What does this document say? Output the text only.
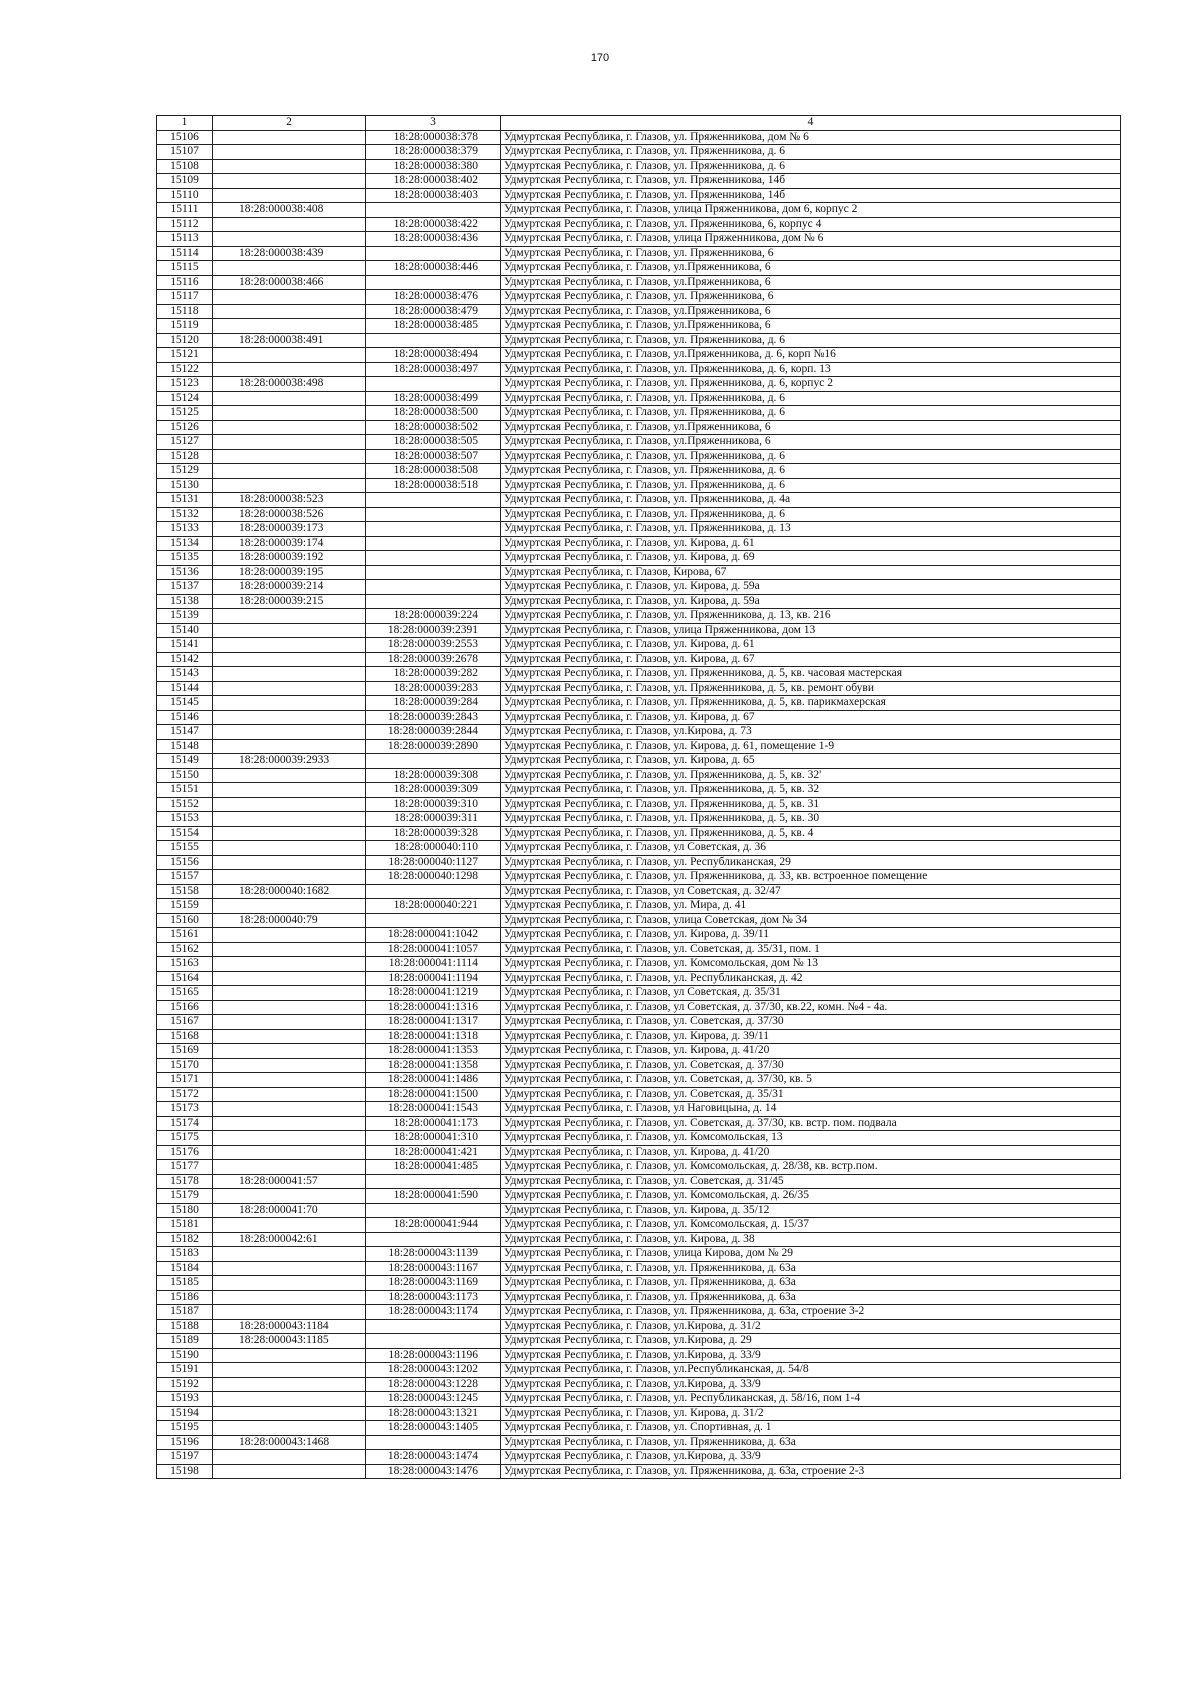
170
1	2	3	4
15106		18:28:000038:378	Удмуртская Республика, г. Глазов, ул. Пряженникова, дом № 6
15107		18:28:000038:379	Удмуртская Республика, г. Глазов, ул. Пряженникова, д. 6
15108		18:28:000038:380	Удмуртская Республика, г. Глазов, ул. Пряженникова, д. 6
15109		18:28:000038:402	Удмуртская Республика, г. Глазов, ул. Пряженникова, 14б
15110		18:28:000038:403	Удмуртская Республика, г. Глазов, ул. Пряженникова, 14б
15111	18:28:000038:408		Удмуртская Республика, г. Глазов, улица Пряженникова, дом 6, корпус 2
15112		18:28:000038:422	Удмуртская Республика, г. Глазов, ул. Пряженникова, 6, корпус 4
15113		18:28:000038:436	Удмуртская Республика, г. Глазов, улица Пряженникова, дом № 6
15114	18:28:000038:439		Удмуртская Республика, г. Глазов, ул. Пряженникова, 6
15115		18:28:000038:446	Удмуртская Республика, г. Глазов, ул.Пряженникова, 6
15116	18:28:000038:466		Удмуртская Республика, г. Глазов, ул.Пряженникова, 6
15117		18:28:000038:476	Удмуртская Республика, г. Глазов, ул. Пряженникова, 6
15118		18:28:000038:479	Удмуртская Республика, г. Глазов, ул.Пряженникова, 6
15119		18:28:000038:485	Удмуртская Республика, г. Глазов, ул.Пряженникова, 6
15120	18:28:000038:491		Удмуртская Республика, г. Глазов, ул. Пряженникова, д. 6
15121		18:28:000038:494	Удмуртская Республика, г. Глазов, ул.Пряженникова, д. 6, корп №16
15122		18:28:000038:497	Удмуртская Республика, г. Глазов, ул. Пряженникова, д. 6, корп. 13
15123	18:28:000038:498		Удмуртская Республика, г. Глазов, ул. Пряженникова, д. 6, корпус 2
15124		18:28:000038:499	Удмуртская Республика, г. Глазов, ул. Пряженникова, д. 6
15125		18:28:000038:500	Удмуртская Республика, г. Глазов, ул. Пряженникова, д. 6
15126		18:28:000038:502	Удмуртская Республика, г. Глазов, ул.Пряженникова, 6
15127		18:28:000038:505	Удмуртская Республика, г. Глазов, ул.Пряженникова, 6
15128		18:28:000038:507	Удмуртская Республика, г. Глазов, ул. Пряженникова, д. 6
15129		18:28:000038:508	Удмуртская Республика, г. Глазов, ул. Пряженникова, д. 6
15130		18:28:000038:518	Удмуртская Республика, г. Глазов, ул. Пряженникова, д. 6
15131	18:28:000038:523		Удмуртская Республика, г. Глазов, ул. Пряженникова, д. 4а
15132	18:28:000038:526		Удмуртская Республика, г. Глазов, ул. Пряженникова, д. 6
15133	18:28:000039:173		Удмуртская Республика, г. Глазов, ул. Пряженникова, д. 13
15134	18:28:000039:174		Удмуртская Республика, г. Глазов, ул. Кирова, д. 61
15135	18:28:000039:192		Удмуртская Республика, г. Глазов, ул. Кирова, д. 69
15136	18:28:000039:195		Удмуртская Республика, г. Глазов, Кирова, 67
15137	18:28:000039:214		Удмуртская Республика, г. Глазов, ул. Кирова, д. 59а
15138	18:28:000039:215		Удмуртская Республика, г. Глазов, ул. Кирова, д. 59а
15139		18:28:000039:224	Удмуртская Республика, г. Глазов, ул. Пряженникова, д. 13, кв. 216
15140		18:28:000039:2391	Удмуртская Республика, г. Глазов, улица Пряженникова, дом 13
15141		18:28:000039:2553	Удмуртская Республика, г. Глазов, ул. Кирова, д. 61
15142		18:28:000039:2678	Удмуртская Республика, г. Глазов, ул. Кирова, д. 67
15143		18:28:000039:282	Удмуртская Республика, г. Глазов, ул. Пряженникова, д. 5, кв. часовая мастерская
15144		18:28:000039:283	Удмуртская Республика, г. Глазов, ул. Пряженникова, д. 5, кв. ремонт обуви
15145		18:28:000039:284	Удмуртская Республика, г. Глазов, ул. Пряженникова, д. 5, кв. парикмахерская
15146		18:28:000039:2843	Удмуртская Республика, г. Глазов, ул. Кирова, д. 67
15147		18:28:000039:2844	Удмуртская Республика, г. Глазов, ул.Кирова, д. 73
15148		18:28:000039:2890	Удмуртская Республика, г. Глазов, ул. Кирова, д. 61, помещение 1-9
15149	18:28:000039:2933		Удмуртская Республика, г. Глазов, ул. Кирова, д. 65
15150		18:28:000039:308	Удмуртская Республика, г. Глазов, ул. Пряженникова, д. 5, кв. 32'
15151		18:28:000039:309	Удмуртская Республика, г. Глазов, ул. Пряженникова, д. 5, кв. 32
15152		18:28:000039:310	Удмуртская Республика, г. Глазов, ул. Пряженникова, д. 5, кв. 31
15153		18:28:000039:311	Удмуртская Республика, г. Глазов, ул. Пряженникова, д. 5, кв. 30
15154		18:28:000039:328	Удмуртская Республика, г. Глазов, ул. Пряженникова, д. 5, кв. 4
15155		18:28:000040:110	Удмуртская Республика, г. Глазов, ул Советская, д. 36
15156		18:28:000040:1127	Удмуртская Республика, г. Глазов, ул. Республиканская, 29
15157		18:28:000040:1298	Удмуртская Республика, г. Глазов, ул. Пряженникова, д. 33, кв. встроенное помещение
15158	18:28:000040:1682		Удмуртская Республика, г. Глазов, ул Советская, д. 32/47
15159		18:28:000040:221	Удмуртская Республика, г. Глазов, ул. Мира, д. 41
15160	18:28:000040:79		Удмуртская Республика, г. Глазов, улица Советская, дом № 34
15161		18:28:000041:1042	Удмуртская Республика, г. Глазов, ул. Кирова, д. 39/11
15162		18:28:000041:1057	Удмуртская Республика, г. Глазов, ул. Советская, д. 35/31, пом. 1
15163		18:28:000041:1114	Удмуртская Республика, г. Глазов, ул. Комсомольская, дом № 13
15164		18:28:000041:1194	Удмуртская Республика, г. Глазов, ул. Республиканская, д. 42
15165		18:28:000041:1219	Удмуртская Республика, г. Глазов, ул Советская, д. 35/31
15166		18:28:000041:1316	Удмуртская Республика, г. Глазов, ул Советская, д. 37/30, кв.22, комн. №4 - 4а.
15167		18:28:000041:1317	Удмуртская Республика, г. Глазов, ул. Советская, д. 37/30
15168		18:28:000041:1318	Удмуртская Республика, г. Глазов, ул. Кирова, д. 39/11
15169		18:28:000041:1353	Удмуртская Республика, г. Глазов, ул. Кирова, д. 41/20
15170		18:28:000041:1358	Удмуртская Республика, г. Глазов, ул. Советская, д. 37/30
15171		18:28:000041:1486	Удмуртская Республика, г. Глазов, ул. Советская, д. 37/30, кв. 5
15172		18:28:000041:1500	Удмуртская Республика, г. Глазов, ул. Советская, д. 35/31
15173		18:28:000041:1543	Удмуртская Республика, г. Глазов, ул Наговицына, д. 14
15174		18:28:000041:173	Удмуртская Республика, г. Глазов, ул. Советская, д. 37/30, кв. встр. пом. подвала
15175		18:28:000041:310	Удмуртская Республика, г. Глазов, ул. Комсомольская, 13
15176		18:28:000041:421	Удмуртская Республика, г. Глазов, ул. Кирова, д. 41/20
15177		18:28:000041:485	Удмуртская Республика, г. Глазов, ул. Комсомольская, д. 28/38, кв. встр.пом.
15178	18:28:000041:57		Удмуртская Республика, г. Глазов, ул. Советская, д. 31/45
15179		18:28:000041:590	Удмуртская Республика, г. Глазов, ул. Комсомольская, д. 26/35
15180	18:28:000041:70		Удмуртская Республика, г. Глазов, ул. Кирова, д. 35/12
15181		18:28:000041:944	Удмуртская Республика, г. Глазов, ул. Комсомольская, д. 15/37
15182	18:28:000042:61		Удмуртская Республика, г. Глазов, ул. Кирова, д. 38
15183		18:28:000043:1139	Удмуртская Республика, г. Глазов, улица Кирова, дом № 29
15184		18:28:000043:1167	Удмуртская Республика, г. Глазов, ул. Пряженникова, д. 63а
15185		18:28:000043:1169	Удмуртская Республика, г. Глазов, ул. Пряженникова, д. 63а
15186		18:28:000043:1173	Удмуртская Республика, г. Глазов, ул. Пряженникова, д. 63а
15187		18:28:000043:1174	Удмуртская Республика, г. Глазов, ул. Пряженникова, д. 63а, строение 3-2
15188	18:28:000043:1184		Удмуртская Республика, г. Глазов, ул.Кирова, д. 31/2
15189	18:28:000043:1185		Удмуртская Республика, г. Глазов, ул.Кирова, д. 29
15190		18:28:000043:1196	Удмуртская Республика, г. Глазов, ул.Кирова, д. 33/9
15191		18:28:000043:1202	Удмуртская Республика, г. Глазов, ул.Республиканская, д. 54/8
15192		18:28:000043:1228	Удмуртская Республика, г. Глазов, ул.Кирова, д. 33/9
15193		18:28:000043:1245	Удмуртская Республика, г. Глазов, ул. Республиканская, д. 58/16, пом 1-4
15194		18:28:000043:1321	Удмуртская Республика, г. Глазов, ул. Кирова, д. 31/2
15195		18:28:000043:1405	Удмуртская Республика, г. Глазов, ул. Спортивная, д. 1
15196	18:28:000043:1468		Удмуртская Республика, г. Глазов, ул. Пряженникова, д. 63а
15197		18:28:000043:1474	Удмуртская Республика, г. Глазов, ул.Кирова, д. 33/9
15198		18:28:000043:1476	Удмуртская Республика, г. Глазов, ул. Пряженникова, д. 63а, строение 2-3
